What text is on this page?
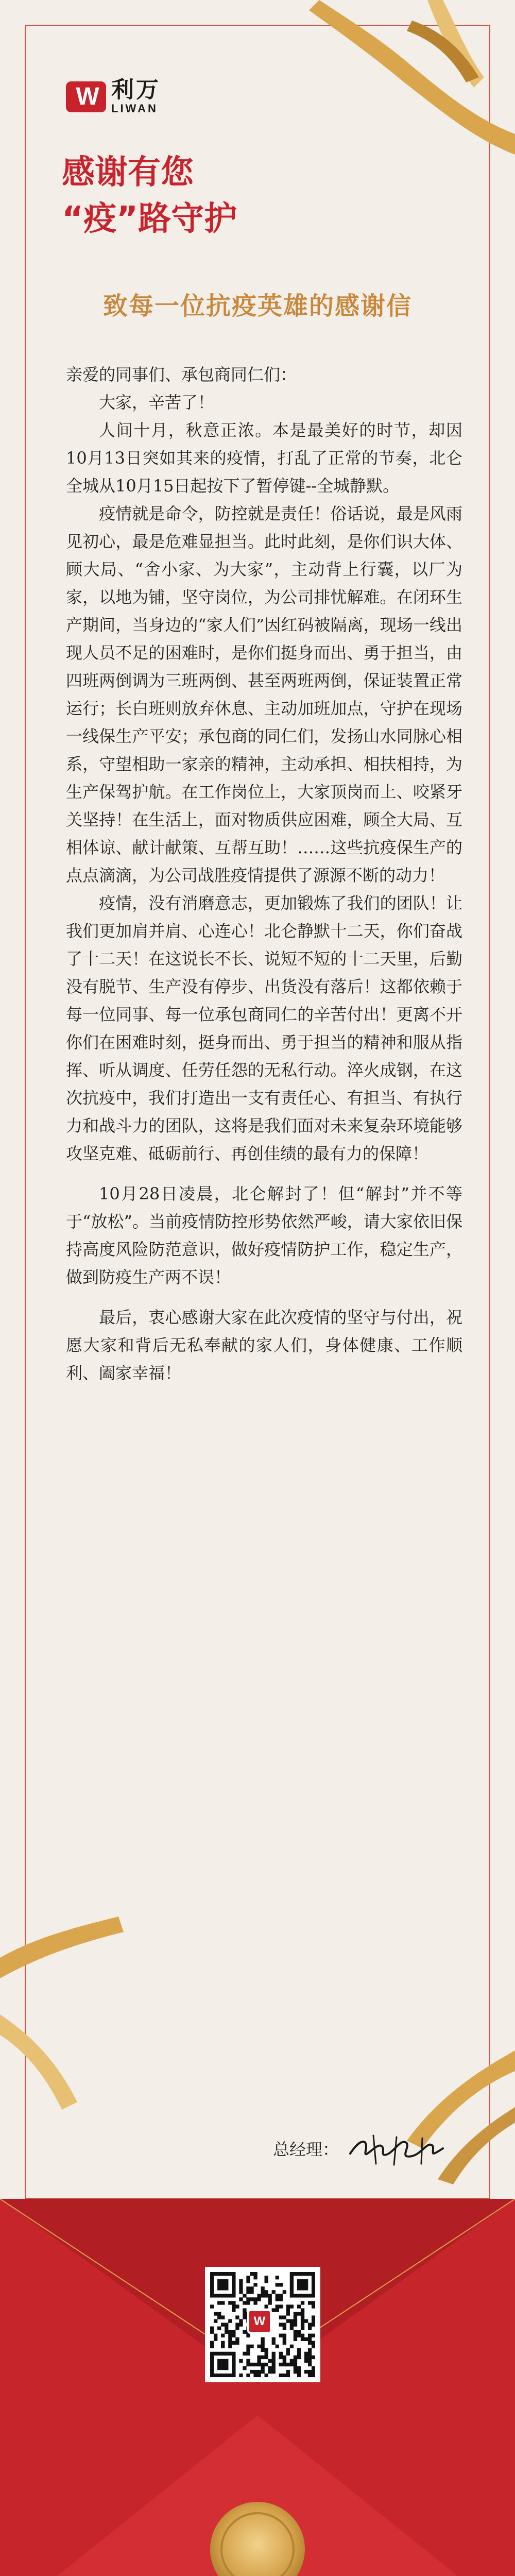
W 利万
LIWAN
感谢有您
“疫”路守护
致每一位抗疫英雄的感谢信

亲爱的同事们、承包商同仁们：

大家，辛苦了！

人间十月，秋意正浓。本是最美好的时节，却因10月13日突如其来的疫情，打乱了正常的节奏，北仑全城从10月15日起按下了暂停键--全城静默。

疫情就是命令，防控就是责任！俗话说，最是风雨见初心，最是危难显担当。此时此刻，是你们识大体、顾大局、“舍小家、为大家”，主动背上行囊，以厂为家，以地为铺，坚守岗位，为公司排忧解难。在闭环生产期间，当身边的“家人们”因红码被隔离，现场一线出现人员不足的困难时，是你们挺身而出、勇于担当，由四班两倒调为三班两倒、甚至两班两倒，保证装置正常运行；长白班则放弃休息、主动加班加点，守护在现场一线保生产平安；承包商的同仁们，发扬山水同脉心相系，守望相助一家亲的精神，主动承担、相扶相持，为生产保驾护航。在工作岗位上，大家顶岗而上、咬紧牙关坚持！在生活上，面对物质供应困难，顾全大局、互相体谅、献计献策、互帮互助！……这些抗疫保生产的点点滴滴，为公司战胜疫情提供了源源不断的动力！

疫情，没有消磨意志，更加锻炼了我们的团队！让我们更加肩并肩、心连心！北仑静默十二天，你们奋战了十二天！在这说长不长、说短不短的十二天里，后勤没有脱节、生产没有停步、出货没有落后！这都依赖于每一位同事、每一位承包商同仁的辛苦付出！更离不开你们在困难时刻，挺身而出、勇于担当的精神和服从指挥、听从调度、任劳任怨的无私行动。淬火成钢，在这次抗疫中，我们打造出一支有责任心、有担当、有执行力和战斗力的团队，这将是我们面对未来复杂环境能够攻坚克难、砥砺前行、再创佳绩的最有力的保障！

10月28日凌晨，北仑解封了！但“解封”并不等于“放松”。当前疫情防控形势依然严峻，请大家依旧保持高度风险防范意识，做好疫情防护工作，稳定生产，做到防疫生产两不误！

最后，衷心感谢大家在此次疫情的坚守与付出，祝愿大家和背后无私奉献的家人们，身体健康、工作顺利、阖家幸福！

总经理：
W
